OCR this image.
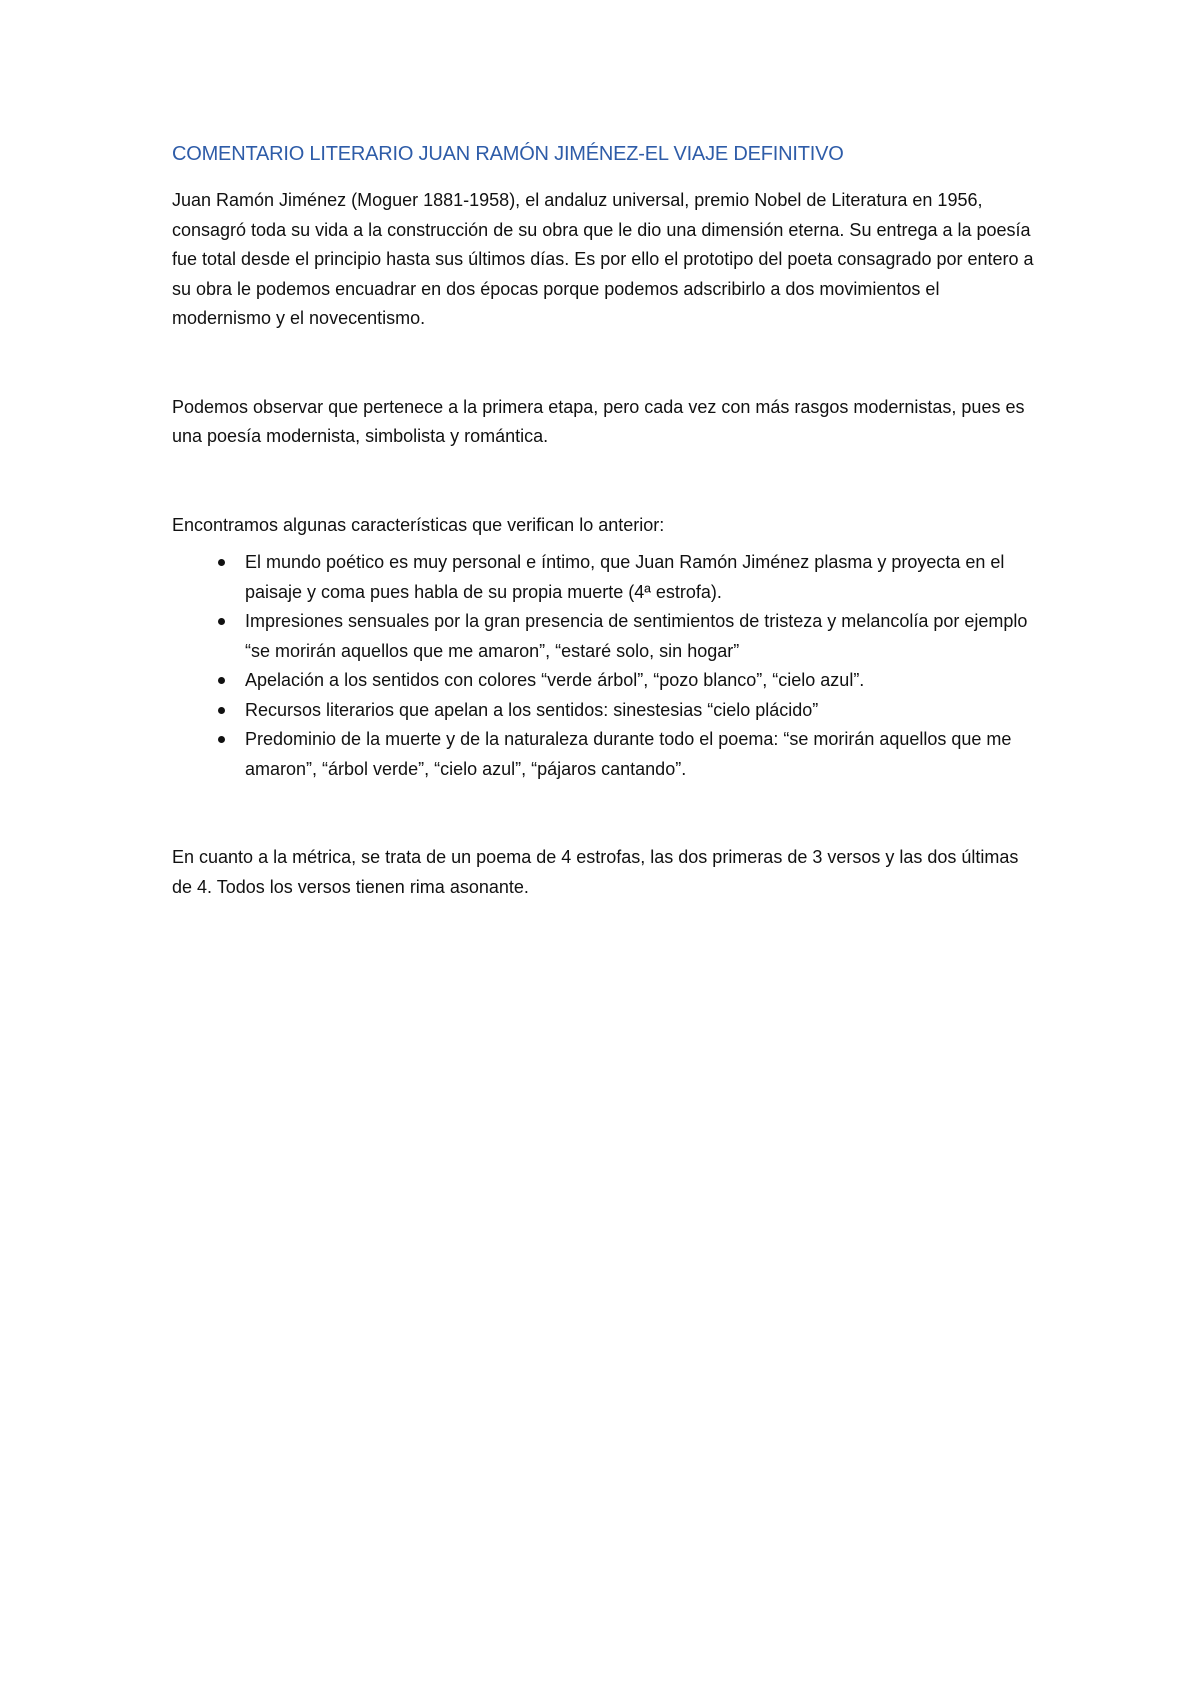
COMENTARIO LITERARIO JUAN RAMÓN JIMÉNEZ-EL VIAJE DEFINITIVO

Juan Ramón Jiménez (Moguer 1881-1958), el andaluz universal, premio Nobel de Literatura en 1956, consagró toda su vida a la construcción de su obra que le dio una dimensión eterna. Su entrega a la poesía fue total desde el principio hasta sus últimos días. Es por ello el prototipo del poeta consagrado por entero a su obra le podemos encuadrar en dos épocas porque podemos adscribirlo a dos movimientos el modernismo y el novecentismo.

Podemos observar que pertenece a la primera etapa, pero cada vez con más rasgos modernistas, pues es una poesía modernista, simbolista y romántica.

Encontramos algunas características que verifican lo anterior:

El mundo poético es muy personal e íntimo, que Juan Ramón Jiménez plasma y proyecta en el paisaje y coma pues habla de su propia muerte (4ª estrofa).
Impresiones sensuales por la gran presencia de sentimientos de tristeza y melancolía por ejemplo “se morirán aquellos que me amaron”, “estaré solo, sin hogar”
Apelación a los sentidos con colores “verde árbol”, “pozo blanco”, “cielo azul”.
Recursos literarios que apelan a los sentidos: sinestesias “cielo plácido”
Predominio de la muerte y de la naturaleza durante todo el poema: “se morirán aquellos que me amaron”, “árbol verde”, “cielo azul”, “pájaros cantando”.

En cuanto a la métrica, se trata de un poema de 4 estrofas, las dos primeras de 3 versos y las dos últimas de 4. Todos los versos tienen rima asonante.
